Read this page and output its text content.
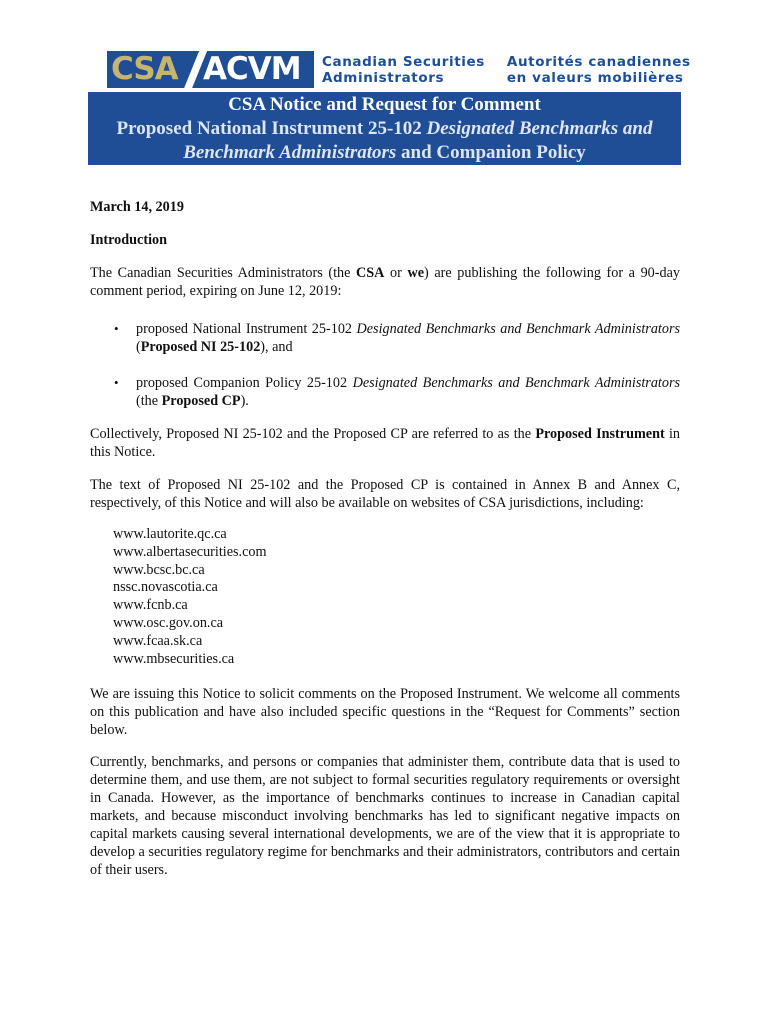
CSA ACVM Canadian Securities
Administrators
Autorités canadiennes
en valeurs mobilières
CSA Notice and Request for Comment
Proposed National Instrument 25-102 Designated Benchmarks and
Benchmark Administrators and Companion Policy
March 14, 2019
Introduction
The Canadian Securities Administrators (the CSA or we) are publishing the following for a 90-day comment period, expiring on June 12, 2019:
• proposed National Instrument 25-102 Designated Benchmarks and Benchmark Administrators (Proposed NI 25-102), and
• proposed Companion Policy 25-102 Designated Benchmarks and Benchmark Administrators (the Proposed CP).
Collectively, Proposed NI 25-102 and the Proposed CP are referred to as the Proposed Instrument in this Notice.
The text of Proposed NI 25-102 and the Proposed CP is contained in Annex B and Annex C, respectively, of this Notice and will also be available on websites of CSA jurisdictions, including:
www.lautorite.qc.ca
www.albertasecurities.com
www.bcsc.bc.ca
nssc.novascotia.ca
www.fcnb.ca
www.osc.gov.on.ca
www.fcaa.sk.ca
www.mbsecurities.ca
We are issuing this Notice to solicit comments on the Proposed Instrument. We welcome all comments on this publication and have also included specific questions in the “Request for Comments” section below.
Currently, benchmarks, and persons or companies that administer them, contribute data that is used to determine them, and use them, are not subject to formal securities regulatory requirements or oversight in Canada. However, as the importance of benchmarks continues to increase in Canadian capital markets, and because misconduct involving benchmarks has led to significant negative impacts on capital markets causing several international developments, we are of the view that it is appropriate to develop a securities regulatory regime for benchmarks and their administrators, contributors and certain of their users.
